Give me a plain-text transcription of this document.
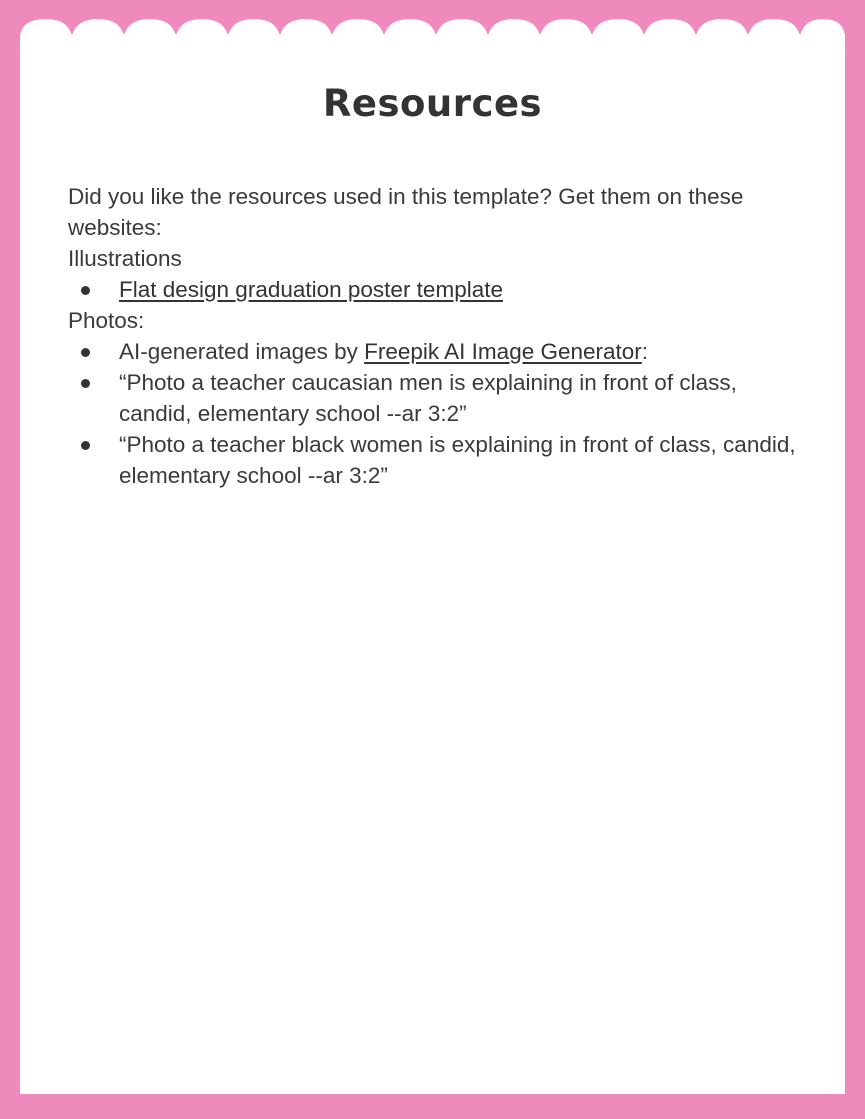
Resources

Did you like the resources used in this template? Get them on these websites:

Illustrations

Flat design graduation poster template

Photos:

AI-generated images by Freepik AI Image Generator:
“Photo a teacher caucasian men is explaining in front of class, candid, elementary school --ar 3:2”
“Photo a teacher black women is explaining in front of class, candid, elementary school --ar 3:2”
